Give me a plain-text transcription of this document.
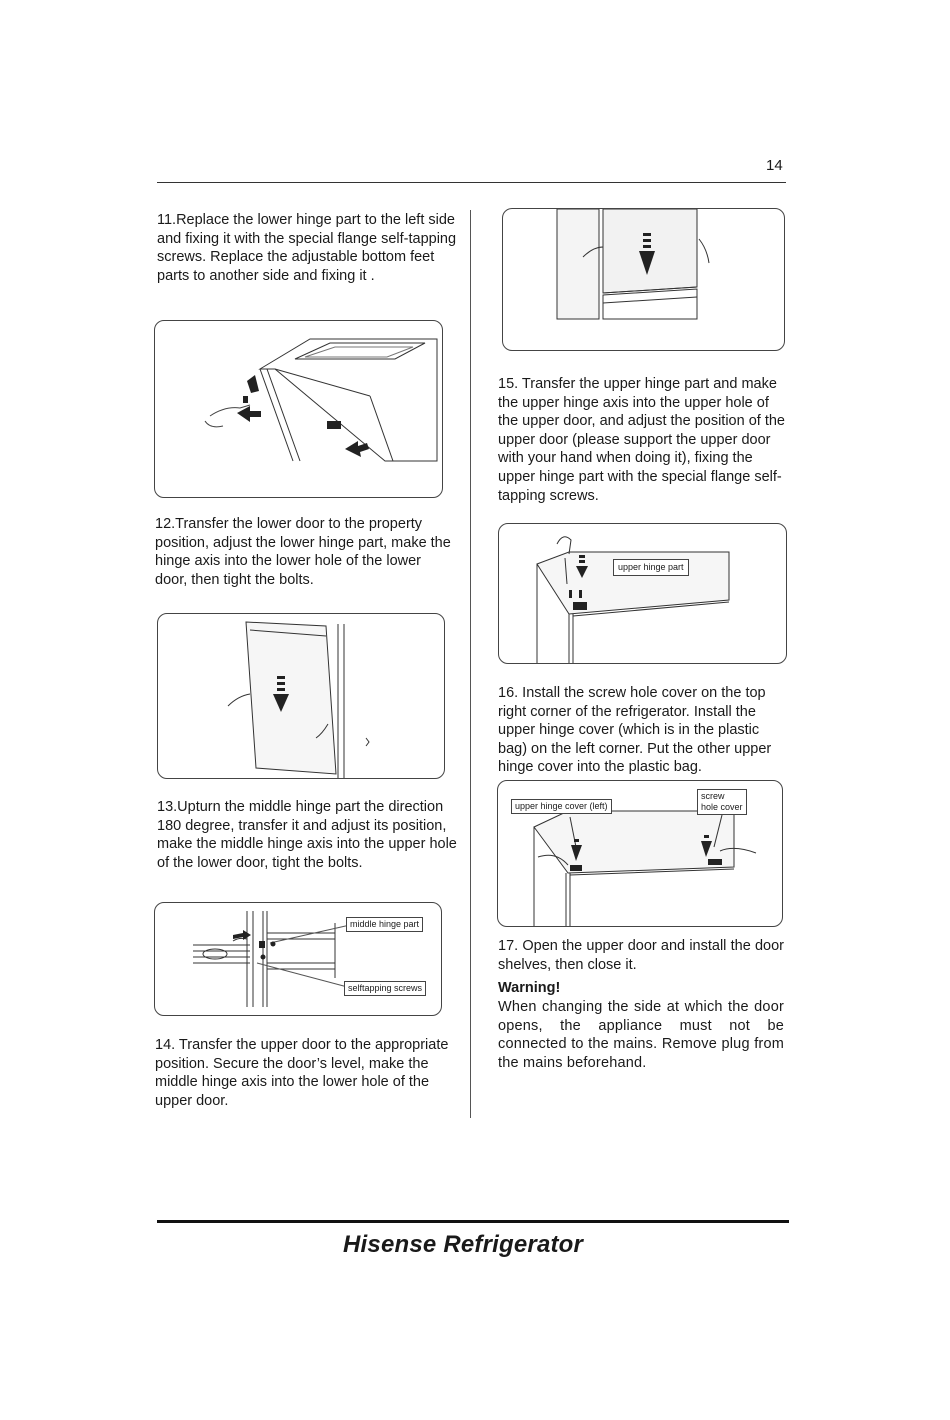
14
11.Replace the lower hinge part to the left side and fixing it with the special flange self-tapping screws. Replace the adjustable bottom feet parts to another side and fixing it .
12.Transfer the lower door to the property position, adjust the lower hinge part, make the hinge axis into the lower hole of the lower door, then tight the bolts.
13.Upturn the middle hinge part the direction 180 degree, transfer it and adjust its position, make the middle hinge axis into the upper hole of the lower door, tight the bolts.
middle hinge part
selftapping screws
14. Transfer the upper door to the appropriate position. Secure the door’s level, make the middle hinge axis into the lower hole of the upper door.
15. Transfer the upper hinge part and make the upper hinge axis into the upper hole of the upper door, and adjust the position of the upper door (please support the upper door with your hand when doing it), fixing the upper hinge part with the special flange self-tapping screws.
upper hinge part
16. Install the screw hole cover on the top right corner of the refrigerator. Install the upper hinge cover (which is in the plastic bag) on the left corner. Put the other upper hinge cover into the plastic bag.
upper hinge cover (left)
screw hole cover
17. Open the upper door and install the door shelves, then close it.
Warning!
When changing the side at which the door opens, the appliance must not be connected to the mains. Remove plug from the mains beforehand.
Hisense Refrigerator
